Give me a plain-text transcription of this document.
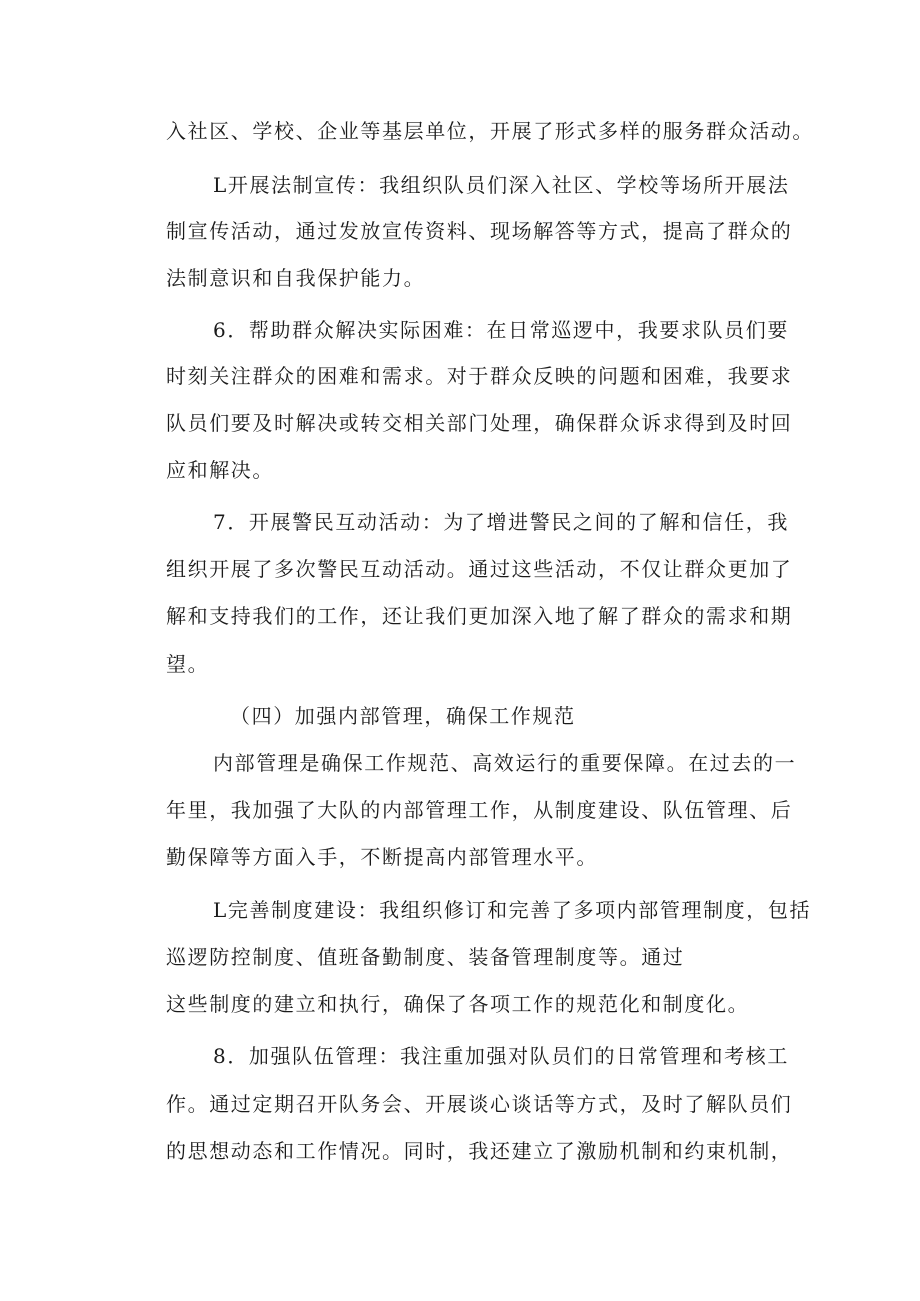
入社区、学校、企业等基层单位，开展了形式多样的服务群众活动。
L开展法制宣传：我组织队员们深入社区、学校等场所开展法
制宣传活动，通过发放宣传资料、现场解答等方式，提高了群众的
法制意识和自我保护能力。
6．帮助群众解决实际困难：在日常巡逻中，我要求队员们要
时刻关注群众的困难和需求。对于群众反映的问题和困难，我要求
队员们要及时解决或转交相关部门处理，确保群众诉求得到及时回
应和解决。
7．开展警民互动活动：为了增进警民之间的了解和信任，我
组织开展了多次警民互动活动。通过这些活动，不仅让群众更加了
解和支持我们的工作，还让我们更加深入地了解了群众的需求和期
望。
（四）加强内部管理，确保工作规范
内部管理是确保工作规范、高效运行的重要保障。在过去的一
年里，我加强了大队的内部管理工作，从制度建设、队伍管理、后
勤保障等方面入手，不断提高内部管理水平。
L完善制度建设：我组织修订和完善了多项内部管理制度，包括
巡逻防控制度、值班备勤制度、装备管理制度等。通过
这些制度的建立和执行，确保了各项工作的规范化和制度化。
8．加强队伍管理：我注重加强对队员们的日常管理和考核工
作。通过定期召开队务会、开展谈心谈话等方式，及时了解队员们
的思想动态和工作情况。同时，我还建立了激励机制和约束机制，
